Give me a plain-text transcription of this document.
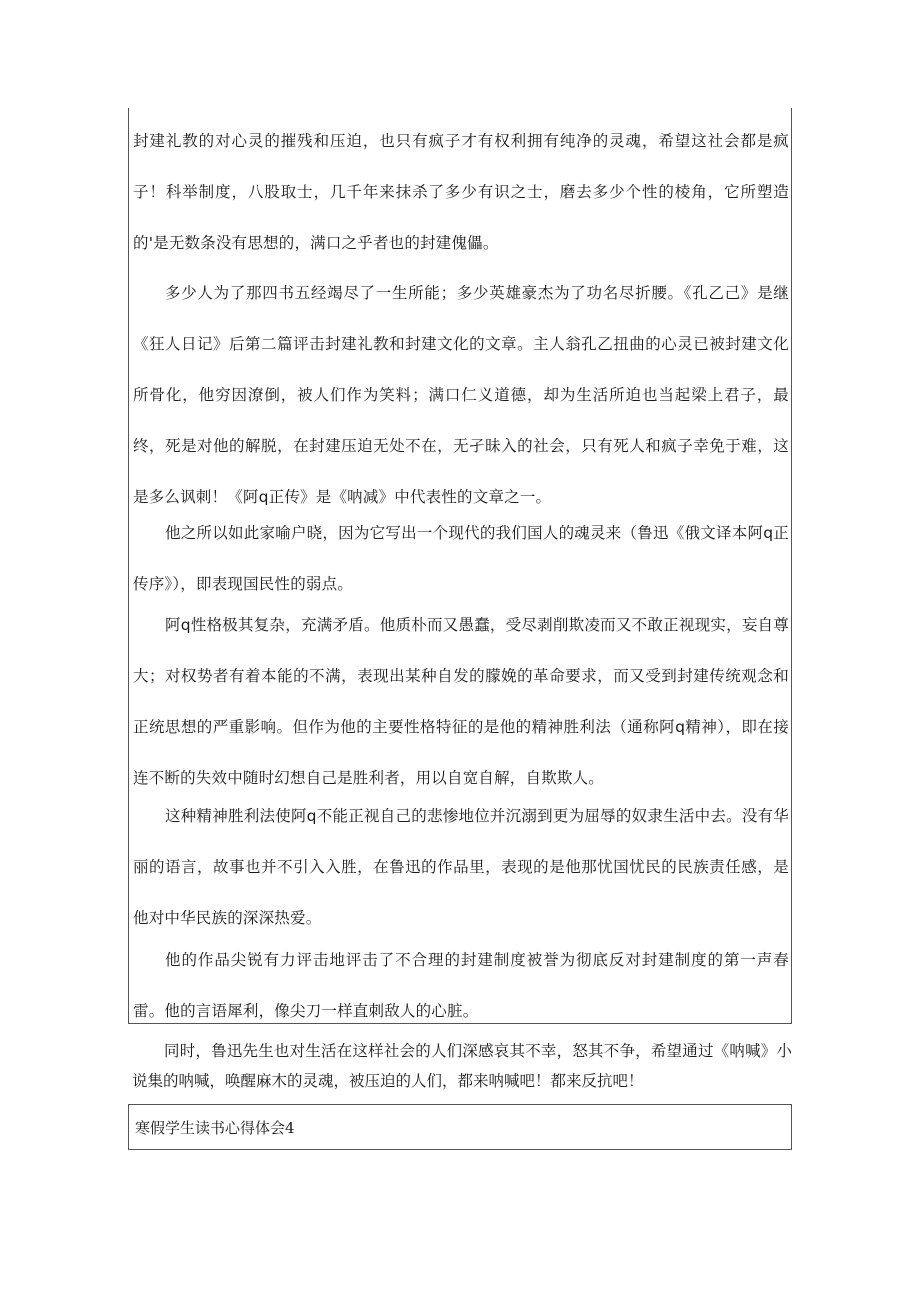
封建礼教的对心灵的摧残和压迫，也只有疯子才有权利拥有纯净的灵魂，希望这社会都是疯子！科举制度，八股取士，几千年来抹杀了多少有识之士，磨去多少个性的棱角，它所塑造的'是无数条没有思想的，满口之乎者也的封建傀儡。

多少人为了那四书五经竭尽了一生所能；多少英雄豪杰为了功名尽折腰。《孔乙己》是继《狂人日记》后第二篇评击封建礼教和封建文化的文章。主人翁孔乙扭曲的心灵已被封建文化所骨化，他穷因潦倒，被人们作为笑料；满口仁义道德，却为生活所迫也当起梁上君子，最终，死是对他的解脱，在封建压迫无处不在，无孑昧入的社会，只有死人和疯子幸免于难，这是多么讽刺！《阿q正传》是《呐减》中代表性的文章之一。

他之所以如此家喻户晓，因为它写出一个现代的我们国人的魂灵来（鲁迅《俄文译本阿q正传序》），即表现国民性的弱点。

阿q性格极其复杂，充满矛盾。他质朴而又愚蠢，受尽剥削欺凌而又不敢正视现实，妄自尊大；对权势者有着本能的不满，表现出某种自发的朦娩的革命要求，而又受到封建传统观念和正统思想的严重影响。但作为他的主要性格特征的是他的精神胜利法（通称阿q精神），即在接连不断的失效中随时幻想自己是胜利者，用以自宽自解，自欺欺人。

这种精神胜利法使阿q不能正视自己的悲惨地位并沉溺到更为屈辱的奴隶生活中去。没有华丽的语言，故事也并不引入入胜，在鲁迅的作品里，表现的是他那忧国忧民的民族责任感，是他对中华民族的深深热爱。

他的作品尖锐有力评击地评击了不合理的封建制度被誉为彻底反对封建制度的第一声春雷。他的言语犀利，像尖刀一样直刺敌人的心脏。

同时，鲁迅先生也对生活在这样社会的人们深感哀其不幸，怒其不争，希望通过《呐喊》小说集的呐喊，唤醒麻木的灵魂，被压迫的人们，都来呐喊吧！都来反抗吧！

寒假学生读书心得体会4
